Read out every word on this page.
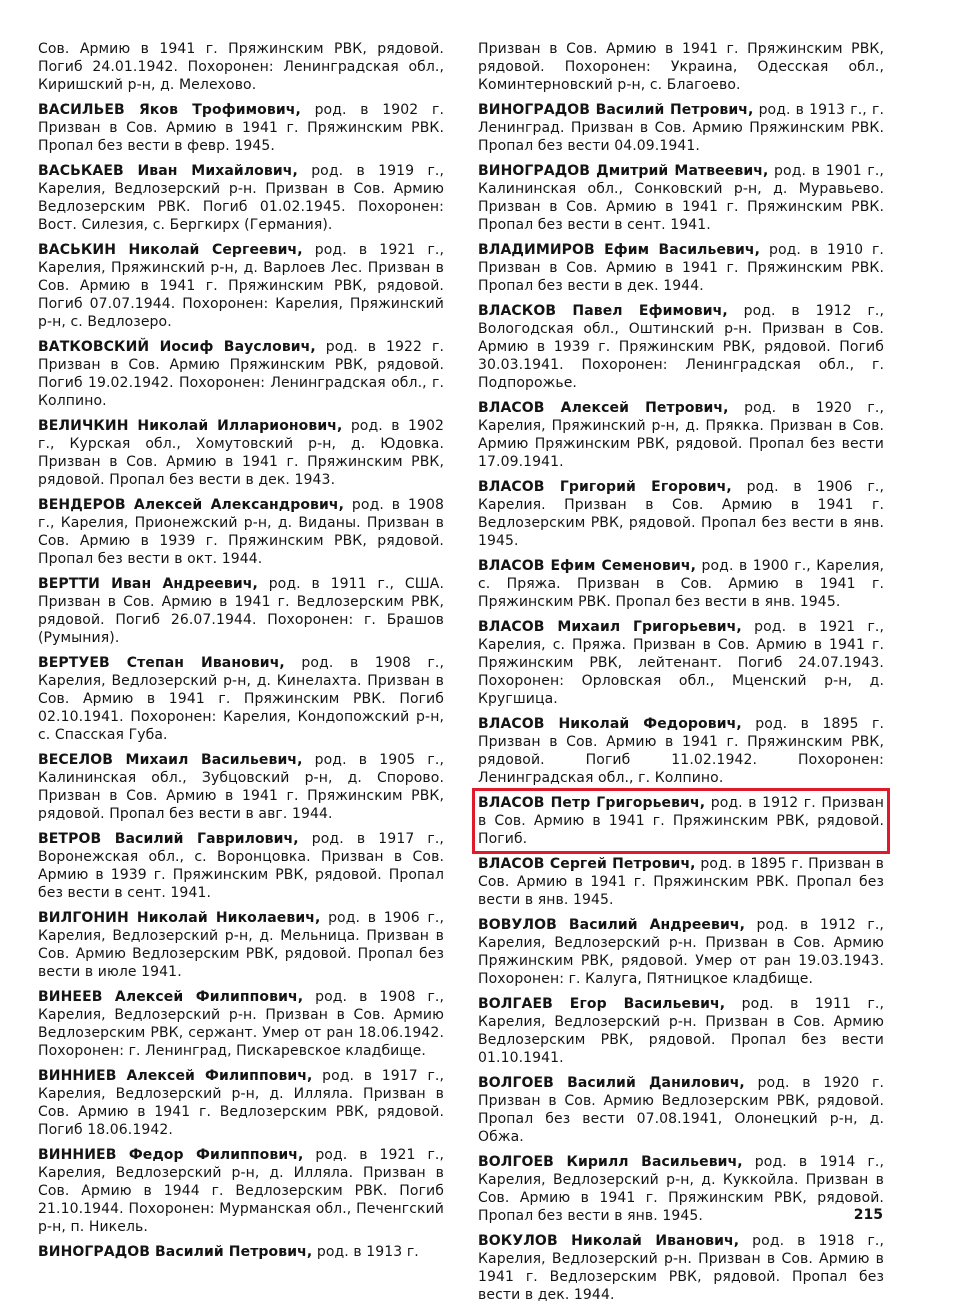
Сов. Армию в 1941 г. Пряжинским РВК, рядовой. Погиб 24.01.1942. Похоронен: Ленинградская обл., Киришский р-н, д. Мелехово.
ВАСИЛЬЕВ Яков Трофимович, род. в 1902 г. Призван в Сов. Армию в 1941 г. Пряжинским РВК. Пропал без вести в февр. 1945.
ВАСЬКАЕВ Иван Михайлович, род. в 1919 г., Карелия, Ведлозерский р-н. Призван в Сов. Армию Ведлозерским РВК. Погиб 01.02.1945. Похоронен: Вост. Силезия, с. Бергкирх (Германия).
ВАСЬКИН Николай Сергеевич, род. в 1921 г., Карелия, Пряжинский р-н, д. Варлоев Лес. Призван в Сов. Армию в 1941 г. Пряжинским РВК, рядовой. Погиб 07.07.1944. Похоронен: Карелия, Пряжинский р-н, с. Ведлозеро.
ВАТКОВСКИЙ Иосиф Вауслович, род. в 1922 г. Призван в Сов. Армию Пряжинским РВК, рядовой. Погиб 19.02.1942. Похоронен: Ленинградская обл., г. Колпино.
ВЕЛИЧКИН Николай Илларионович, род. в 1902 г., Курская обл., Хомутовский р-н, д. Юдовка. Призван в Сов. Армию в 1941 г. Пряжинским РВК, рядовой. Пропал без вести в дек. 1943.
ВЕНДЕРОВ Алексей Александрович, род. в 1908 г., Карелия, Прионежский р-н, д. Виданы. Призван в Сов. Армию в 1939 г. Пряжинским РВК, рядовой. Пропал без вести в окт. 1944.
ВЕРТТИ Иван Андреевич, род. в 1911 г., США. Призван в Сов. Армию в 1941 г. Ведлозерским РВК, рядовой. Погиб 26.07.1944. Похоронен: г. Брашов (Румыния).
ВЕРТУЕВ Степан Иванович, род. в 1908 г., Карелия, Ведлозерский р-н, д. Кинелахта. Призван в Сов. Армию в 1941 г. Пряжинским РВК. Погиб 02.10.1941. Похоронен: Карелия, Кондопожский р-н, с. Спасская Губа.
ВЕСЕЛОВ Михаил Васильевич, род. в 1905 г., Калининская обл., Зубцовский р-н, д. Спорово. Призван в Сов. Армию в 1941 г. Пряжинским РВК, рядовой. Пропал без вести в авг. 1944.
ВЕТРОВ Василий Гаврилович, род. в 1917 г., Воронежская обл., с. Воронцовка. Призван в Сов. Армию в 1939 г. Пряжинским РВК, рядовой. Пропал без вести в сент. 1941.
ВИЛГОНИН Николай Николаевич, род. в 1906 г., Карелия, Ведлозерский р-н, д. Мельница. Призван в Сов. Армию Ведлозерским РВК, рядовой. Пропал без вести в июле 1941.
ВИНЕЕВ Алексей Филиппович, род. в 1908 г., Карелия, Ведлозерский р-н. Призван в Сов. Армию Ведлозерским РВК, сержант. Умер от ран 18.06.1942. Похоронен: г. Ленинград, Пискаревское кладбище.
ВИННИЕВ Алексей Филиппович, род. в 1917 г., Карелия, Ведлозерский р-н, д. Илляла. Призван в Сов. Армию в 1941 г. Ведлозерским РВК, рядовой. Погиб 18.06.1942.
ВИННИЕВ Федор Филиппович, род. в 1921 г., Карелия, Ведлозерский р-н, д. Илляла. Призван в Сов. Армию в 1944 г. Ведлозерским РВК. Погиб 21.10.1944. Похоронен: Мурманская обл., Печенгский р-н, п. Никель.
ВИНОГРАДОВ Василий Петрович, род. в 1913 г.
Призван в Сов. Армию в 1941 г. Пряжинским РВК, рядовой. Похоронен: Украина, Одесская обл., Коминтерновский р-н, с. Благоево.
ВИНОГРАДОВ Василий Петрович, род. в 1913 г., г. Ленинград. Призван в Сов. Армию Пряжинским РВК. Пропал без вести 04.09.1941.
ВИНОГРАДОВ Дмитрий Матвеевич, род. в 1901 г., Калининская обл., Сонковский р-н, д. Муравьево. Призван в Сов. Армию в 1941 г. Пряжинским РВК. Пропал без вести в сент. 1941.
ВЛАДИМИРОВ Ефим Васильевич, род. в 1910 г. Призван в Сов. Армию в 1941 г. Пряжинским РВК. Пропал без вести в дек. 1944.
ВЛАСКОВ Павел Ефимович, род. в 1912 г., Вологодская обл., Оштинский р-н. Призван в Сов. Армию в 1939 г. Пряжинским РВК, рядовой. Погиб 30.03.1941. Похоронен: Ленинградская обл., г. Подпорожье.
ВЛАСОВ Алексей Петрович, род. в 1920 г., Карелия, Пряжинский р-н, д. Прякка. Призван в Сов. Армию Пряжинским РВК, рядовой. Пропал без вести 17.09.1941.
ВЛАСОВ Григорий Егорович, род. в 1906 г., Карелия. Призван в Сов. Армию в 1941 г. Ведлозерским РВК, рядовой. Пропал без вести в янв. 1945.
ВЛАСОВ Ефим Семенович, род. в 1900 г., Карелия, с. Пряжа. Призван в Сов. Армию в 1941 г. Пряжинским РВК. Пропал без вести в янв. 1945.
ВЛАСОВ Михаил Григорьевич, род. в 1921 г., Карелия, с. Пряжа. Призван в Сов. Армию в 1941 г. Пряжинским РВК, лейтенант. Погиб 24.07.1943. Похоронен: Орловская обл., Мценский р-н, д. Кругшица.
ВЛАСОВ Николай Федорович, род. в 1895 г. Призван в Сов. Армию в 1941 г. Пряжинским РВК, рядовой. Погиб 11.02.1942. Похоронен: Ленинградская обл., г. Колпино.
ВЛАСОВ Петр Григорьевич, род. в 1912 г. Призван в Сов. Армию в 1941 г. Пряжинским РВК, рядовой. Погиб.
ВЛАСОВ Сергей Петрович, род. в 1895 г. Призван в Сов. Армию в 1941 г. Пряжинским РВК. Пропал без вести в янв. 1945.
ВОВУЛОВ Василий Андреевич, род. в 1912 г., Карелия, Ведлозерский р-н. Призван в Сов. Армию Пряжинским РВК, рядовой. Умер от ран 19.03.1943. Похоронен: г. Калуга, Пятницкое кладбище.
ВОЛГАЕВ Егор Васильевич, род. в 1911 г., Карелия, Ведлозерский р-н. Призван в Сов. Армию Ведлозерским РВК, рядовой. Пропал без вести 01.10.1941.
ВОЛГОЕВ Василий Данилович, род. в 1920 г. Призван в Сов. Армию Ведлозерским РВК, рядовой. Пропал без вести 07.08.1941, Олонецкий р-н, д. Обжа.
ВОЛГОЕВ Кирилл Васильевич, род. в 1914 г., Карелия, Ведлозерский р-н, д. Куккойла. Призван в Сов. Армию в 1941 г. Пряжинским РВК, рядовой. Пропал без вести в янв. 1945.
ВОКУЛОВ Николай Иванович, род. в 1918 г., Карелия, Ведлозерский р-н. Призван в Сов. Армию в 1941 г. Ведлозерским РВК, рядовой. Пропал без вести в дек. 1944.
215
